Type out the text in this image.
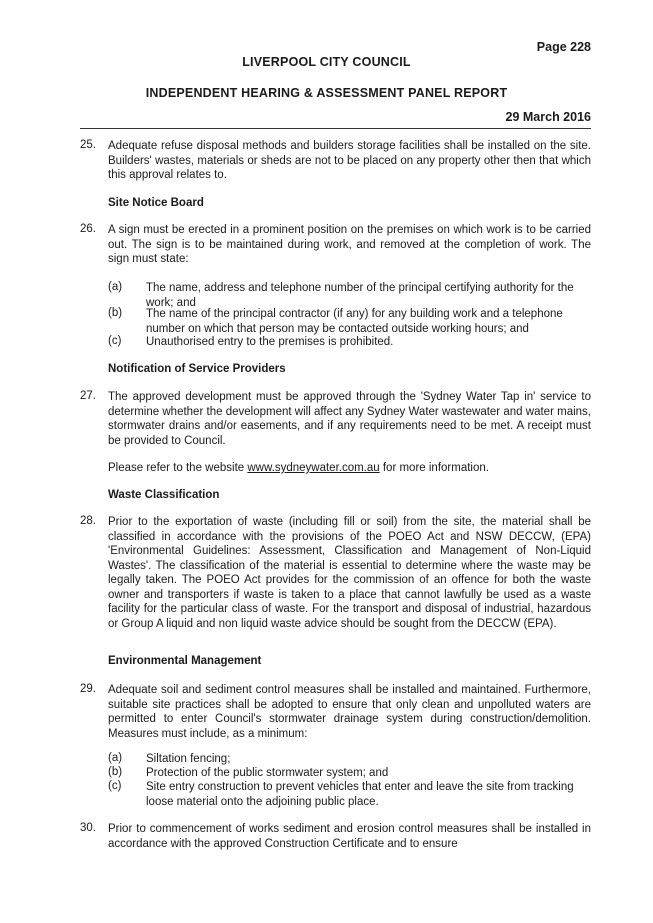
Page 228
LIVERPOOL CITY COUNCIL
INDEPENDENT HEARING & ASSESSMENT PANEL REPORT
29 March 2016
25.	Adequate refuse disposal methods and builders storage facilities shall be installed on the site. Builders' wastes, materials or sheds are not to be placed on any property other then that which this approval relates to.
Site Notice Board
26.	A sign must be erected in a prominent position on the premises on which work is to be carried out. The sign is to be maintained during work, and removed at the completion of work. The sign must state:
(a)	The name, address and telephone number of the principal certifying authority for the work; and
(b)	The name of the principal contractor (if any) for any building work and a telephone number on which that person may be contacted outside working hours; and
(c)	Unauthorised entry to the premises is prohibited.
Notification of Service Providers
27.	The approved development must be approved through the 'Sydney Water Tap in' service to determine whether the development will affect any Sydney Water wastewater and water mains, stormwater drains and/or easements, and if any requirements need to be met. A receipt must be provided to Council.
Please refer to the website www.sydneywater.com.au for more information.
Waste Classification
28.	Prior to the exportation of waste (including fill or soil) from the site, the material shall be classified in accordance with the provisions of the POEO Act and NSW DECCW, (EPA) 'Environmental Guidelines: Assessment, Classification and Management of Non-Liquid Wastes'. The classification of the material is essential to determine where the waste may be legally taken. The POEO Act provides for the commission of an offence for both the waste owner and transporters if waste is taken to a place that cannot lawfully be used as a waste facility for the particular class of waste. For the transport and disposal of industrial, hazardous or Group A liquid and non liquid waste advice should be sought from the DECCW (EPA).
Environmental Management
29.	Adequate soil and sediment control measures shall be installed and maintained. Furthermore, suitable site practices shall be adopted to ensure that only clean and unpolluted waters are permitted to enter Council's stormwater drainage system during construction/demolition. Measures must include, as a minimum:
(a)	Siltation fencing;
(b)	Protection of the public stormwater system; and
(c)	Site entry construction to prevent vehicles that enter and leave the site from tracking loose material onto the adjoining public place.
30.	Prior to commencement of works sediment and erosion control measures shall be installed in accordance with the approved Construction Certificate and to ensure
